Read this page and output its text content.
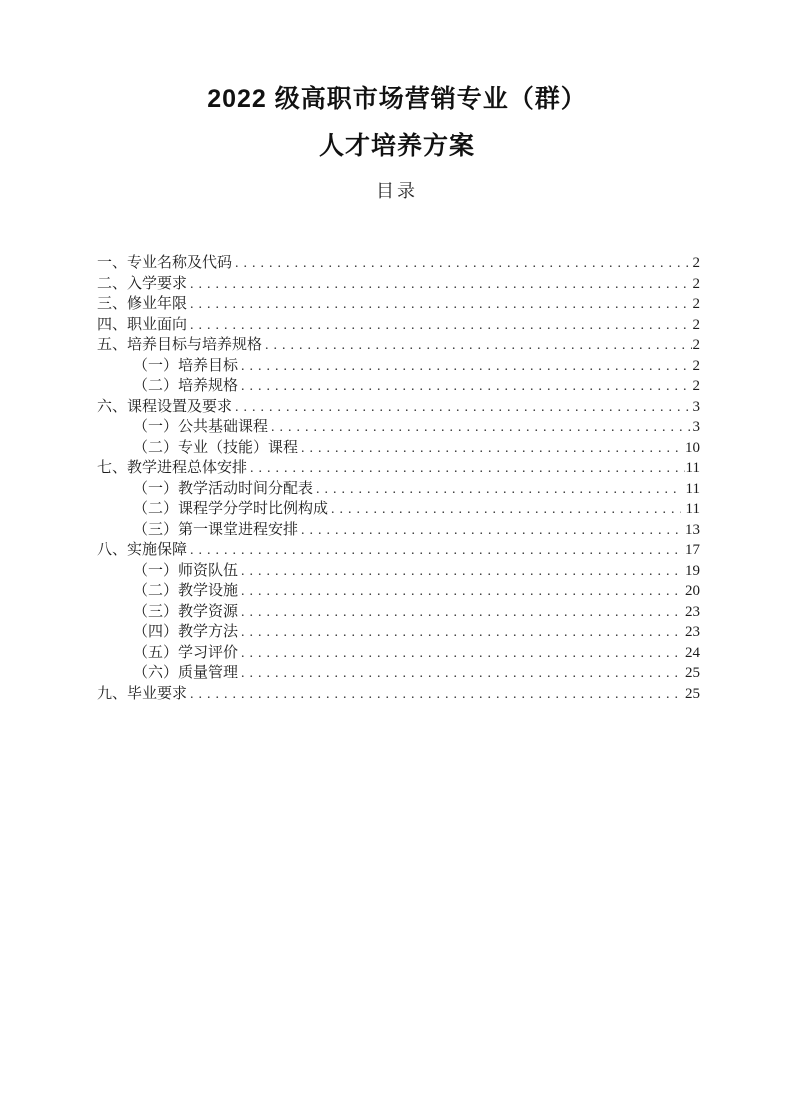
2022 级高职市场营销专业（群）
人才培养方案
目录
一、专业名称及代码 .....	2
二、入学要求 .....	2
三、修业年限 .....	2
四、职业面向 .....	2
五、培养目标与培养规格 .....	2
（一）培养目标 .....	2
（二）培养规格 .....	2
六、课程设置及要求 .....	3
（一）公共基础课程 .....	3
（二）专业（技能）课程 .....	10
七、教学进程总体安排 .....	11
（一）教学活动时间分配表 .....	11
（二）课程学分学时比例构成 .....	11
（三）第一课堂进程安排 .....	13
八、实施保障 .....	17
（一）师资队伍 .....	19
（二）教学设施 .....	20
（三）教学资源 .....	23
（四）教学方法 .....	23
（五）学习评价 .....	24
（六）质量管理 .....	25
九、毕业要求 .....	25
